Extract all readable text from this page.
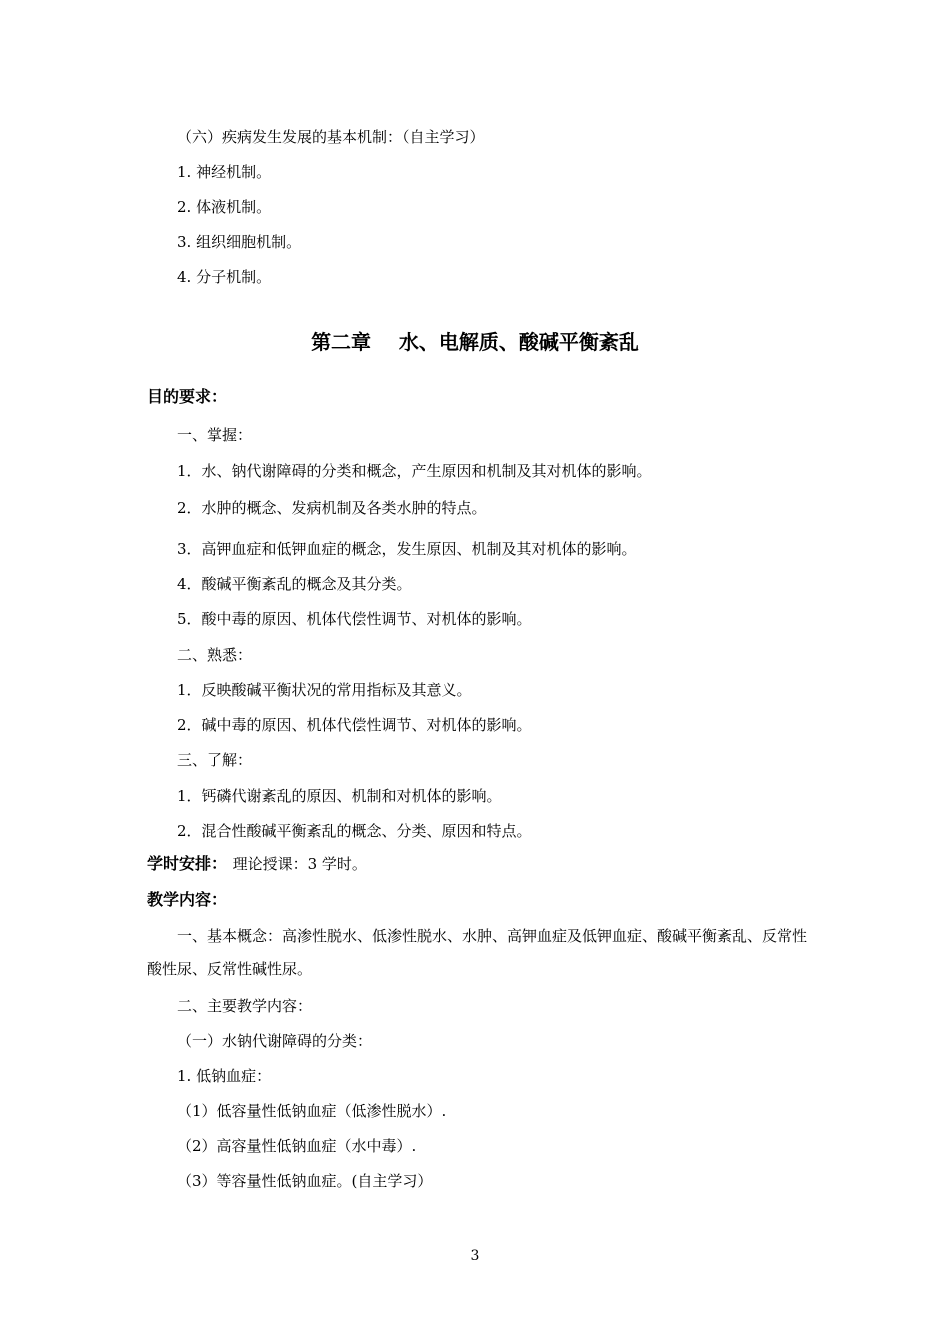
（六）疾病发生发展的基本机制：（自主学习）
1. 神经机制。
2. 体液机制。
3. 组织细胞机制。
4. 分子机制。
第二章    水、电解质、酸碱平衡紊乱
目的要求：
一、掌握：
1．水、钠代谢障碍的分类和概念，产生原因和机制及其对机体的影响。
2．水肿的概念、发病机制及各类水肿的特点。
3．高钾血症和低钾血症的概念，发生原因、机制及其对机体的影响。
4．酸碱平衡紊乱的概念及其分类。
5．酸中毒的原因、机体代偿性调节、对机体的影响。
二、熟悉：
1．反映酸碱平衡状况的常用指标及其意义。
2．碱中毒的原因、机体代偿性调节、对机体的影响。
三、了解：
1．钙磷代谢紊乱的原因、机制和对机体的影响。
2．混合性酸碱平衡紊乱的概念、分类、原因和特点。
学时安排： 理论授课：3 学时。
教学内容：
一、基本概念：高渗性脱水、低渗性脱水、水肿、高钾血症及低钾血症、酸碱平衡紊乱、反常性酸性尿、反常性碱性尿。
二、主要教学内容：
（一）水钠代谢障碍的分类：
1. 低钠血症：
（1）低容量性低钠血症（低渗性脱水）.
（2）高容量性低钠血症（水中毒）.
（3）等容量性低钠血症。(自主学习）
3
